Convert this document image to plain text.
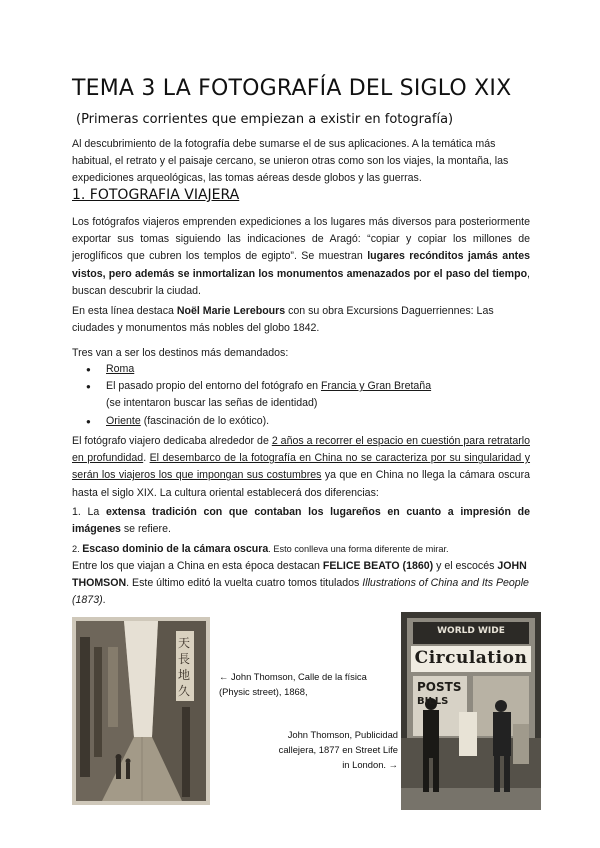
TEMA 3 LA FOTOGRAFÍA DEL SIGLO XIX
(Primeras corrientes que empiezan a existir en fotografía)
Al descubrimiento de la fotografía debe sumarse el de sus aplicaciones. A la temática más habitual, el retrato y el paisaje cercano, se unieron otras como son los viajes, la montaña, las expediciones arqueológicas, las tomas aéreas desde globos y las guerras.
1. FOTOGRAFIA VIAJERA
Los fotógrafos viajeros emprenden expediciones a los lugares más diversos para posteriormente exportar sus tomas siguiendo las indicaciones de Aragó: “copiar y copiar los millones de jeroglíficos que cubren los templos de egipto”. Se muestran lugares recónditos jamás antes vistos, pero además se inmortalizan los monumentos amenazados por el paso del tiempo, buscan descubrir la ciudad.
En esta línea destaca Noël Marie Lerebours con su obra Excursions Daguerriennes: Las ciudades y monumentos más nobles del globo 1842.
Tres van a ser los destinos más demandados:
● Roma
● El pasado propio del entorno del fotógrafo en Francia y Gran Bretaña
(se intentaron buscar las señas de identidad)
● Oriente (fascinación de lo exótico).
El fotógrafo viajero dedicaba alrededor de 2 años a recorrer el espacio en cuestión para retratarlo en profundidad. El desembarco de la fotografía en China no se caracteriza por su singularidad y serán los viajeros los que impongan sus costumbres ya que en China no llega la cámara oscura hasta el siglo XIX. La cultura oriental establecerá dos diferencias:
1. La extensa tradición con que contaban los lugareños en cuanto a impresión de imágenes se refiere.
2. Escaso dominio de la cámara oscura. Esto conlleva una forma diferente de mirar.
Entre los que viajan a China en esta época destacan FELICE BEATO (1860) y el escocés JOHN THOMSON. Este último editó la vuelta cuatro tomos titulados Illustrations of China and Its People (1873).
天長地久
← John Thomson, Calle de la física (Physic street), 1868,
John Thomson, Publicidad callejera, 1877 en Street Life in London. →
WORLD WIDE
Circulation
POSTS
BILLS
